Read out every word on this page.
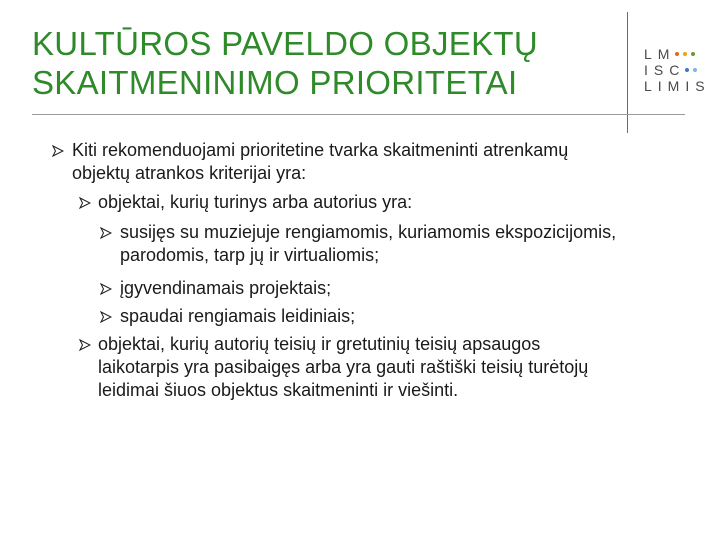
KULTŪROS PAVELDO OBJEKTŲ
SKAITMENINIMO PRIORITETAI
LM
ISC
LIMIS
Kiti rekomenduojami prioritetine tvarka skaitmeninti atrenkamų
objektų atrankos kriterijai yra:
objektai, kurių turinys arba autorius yra:
susijęs su muziejuje rengiamomis, kuriamomis ekspozicijomis,
parodomis, tarp jų ir virtualiomis;
įgyvendinamais projektais;
spaudai rengiamais leidiniais;
objektai, kurių autorių teisių ir gretutinių teisių apsaugos
laikotarpis yra pasibaigęs arba yra gauti raštiški teisių turėtojų
leidimai šiuos objektus skaitmeninti ir viešinti.
